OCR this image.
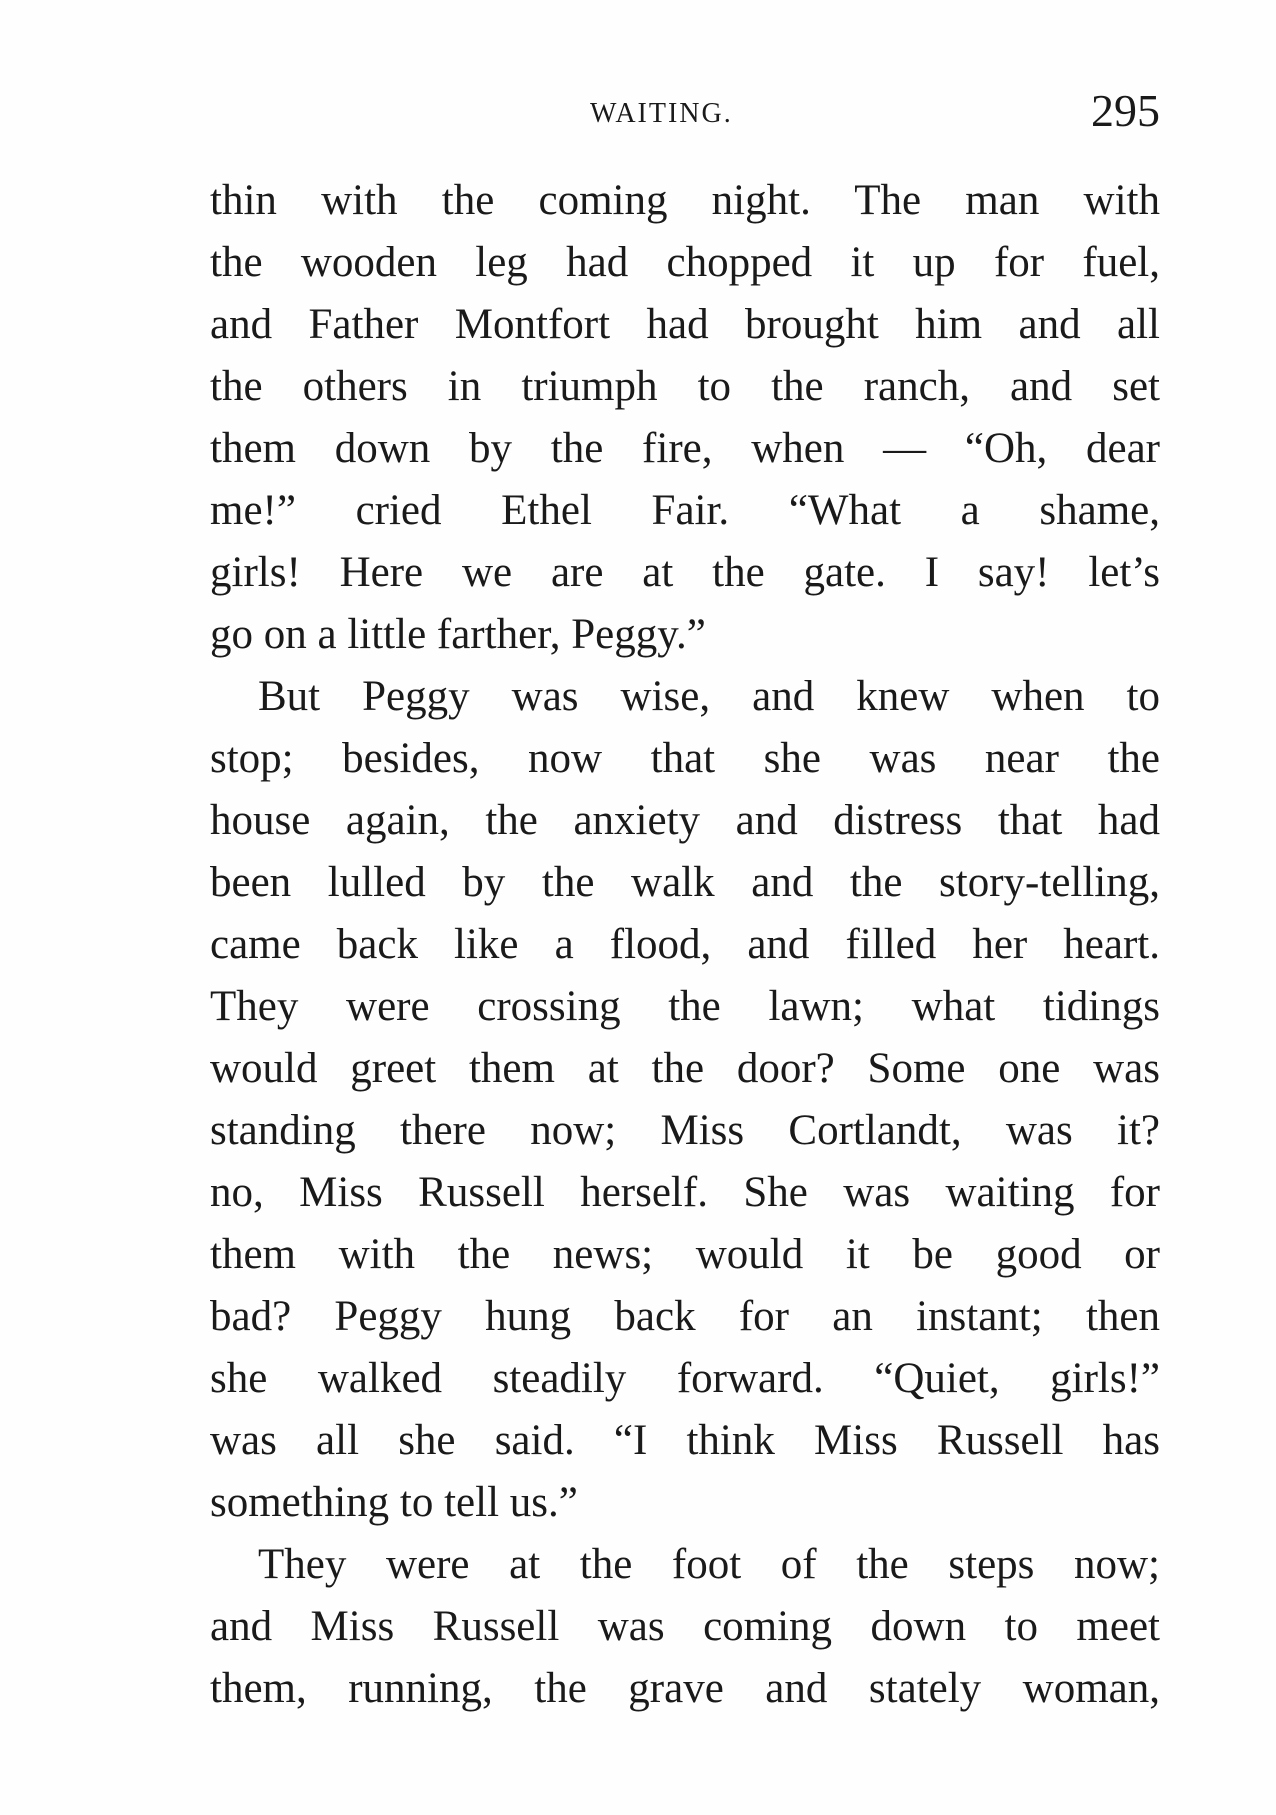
WAITING.	295
thin with the coming night. The man with
the wooden leg had chopped it up for fuel,
and Father Montfort had brought him and all
the others in triumph to the ranch, and set
them down by the fire, when — “Oh, dear
me!” cried Ethel Fair. “What a shame,
girls! Here we are at the gate. I say! let’s
go on a little farther, Peggy.”
But Peggy was wise, and knew when to
stop; besides, now that she was near the
house again, the anxiety and distress that had
been lulled by the walk and the story-telling,
came back like a flood, and filled her heart.
They were crossing the lawn; what tidings
would greet them at the door? Some one was
standing there now; Miss Cortlandt, was it?
no, Miss Russell herself. She was waiting for
them with the news; would it be good or
bad? Peggy hung back for an instant; then
she walked steadily forward. “Quiet, girls!”
was all she said. “I think Miss Russell has
something to tell us.”
They were at the foot of the steps now;
and Miss Russell was coming down to meet
them, running, the grave and stately woman,
